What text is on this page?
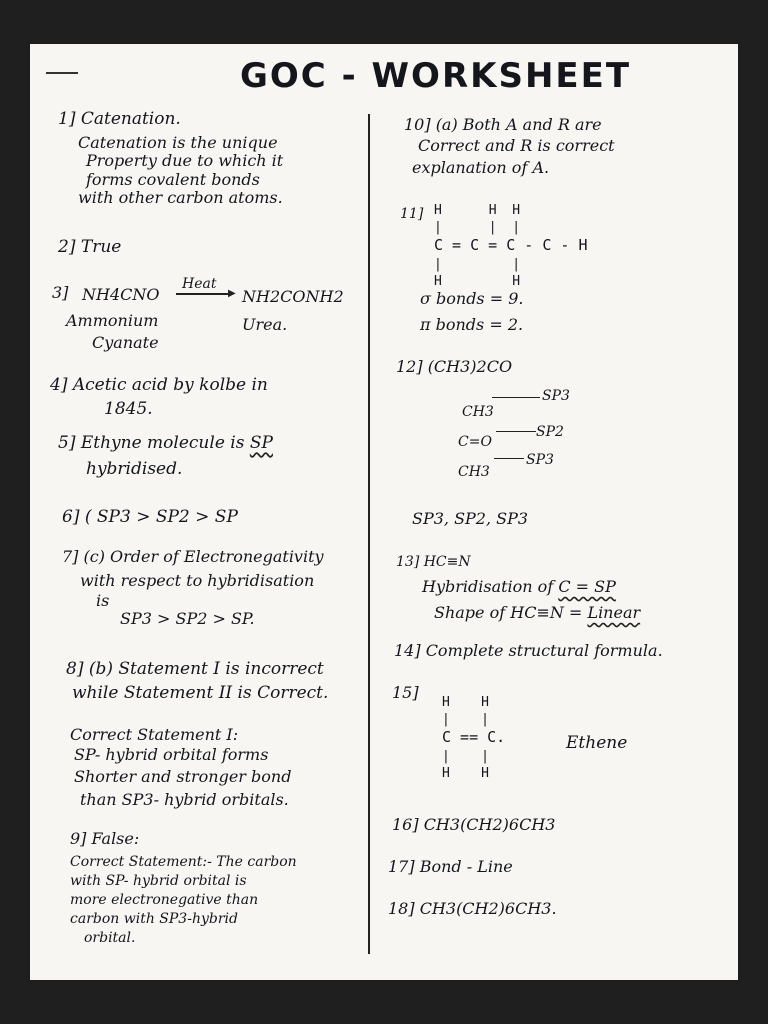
GOC - WORKSHEET
1] Catenation.
Catenation is the unique
Property due to which it
forms covalent bonds
with other carbon atoms.
2] True
3] NH4CNO
Heat
▶ NH2CONH2
Ammonium
Cyanate
Urea.
4] Acetic acid by kolbe in
1845.
5] Ethyne molecule is SP
hybridised.
6] ( SP3 > SP2 > SP
7] (c) Order of Electronegativity
with respect to hybridisation
is
SP3 > SP2 > SP.
8] (b) Statement I is incorrect
while Statement II is Correct.
Correct Statement I:
SP- hybrid orbital forms
Shorter and stronger bond
than SP3- hybrid orbitals.
9] False:
Correct Statement:- The carbon
with SP- hybrid orbital is
more electronegative than
carbon with SP3-hybrid
orbital.
10] (a) Both A and R are
Correct and R is correct
explanation of A.
11] H      H  H
|      |  |
C = C = C - C - H
|         |
H         H
σ bonds = 9.
π bonds = 2.
12] (CH3)2CO
CH3
C=O
CH3
SP3
SP2
SP3
SP3, SP2, SP3
13] HC≡N
Hybridisation of C = SP
Shape of HC≡N = Linear
14] Complete structural formula.
15]
H    H
|    |
C == C.
|    |
H    H
Ethene
16] CH3(CH2)6CH3
17] Bond - Line
18] CH3(CH2)6CH3.
